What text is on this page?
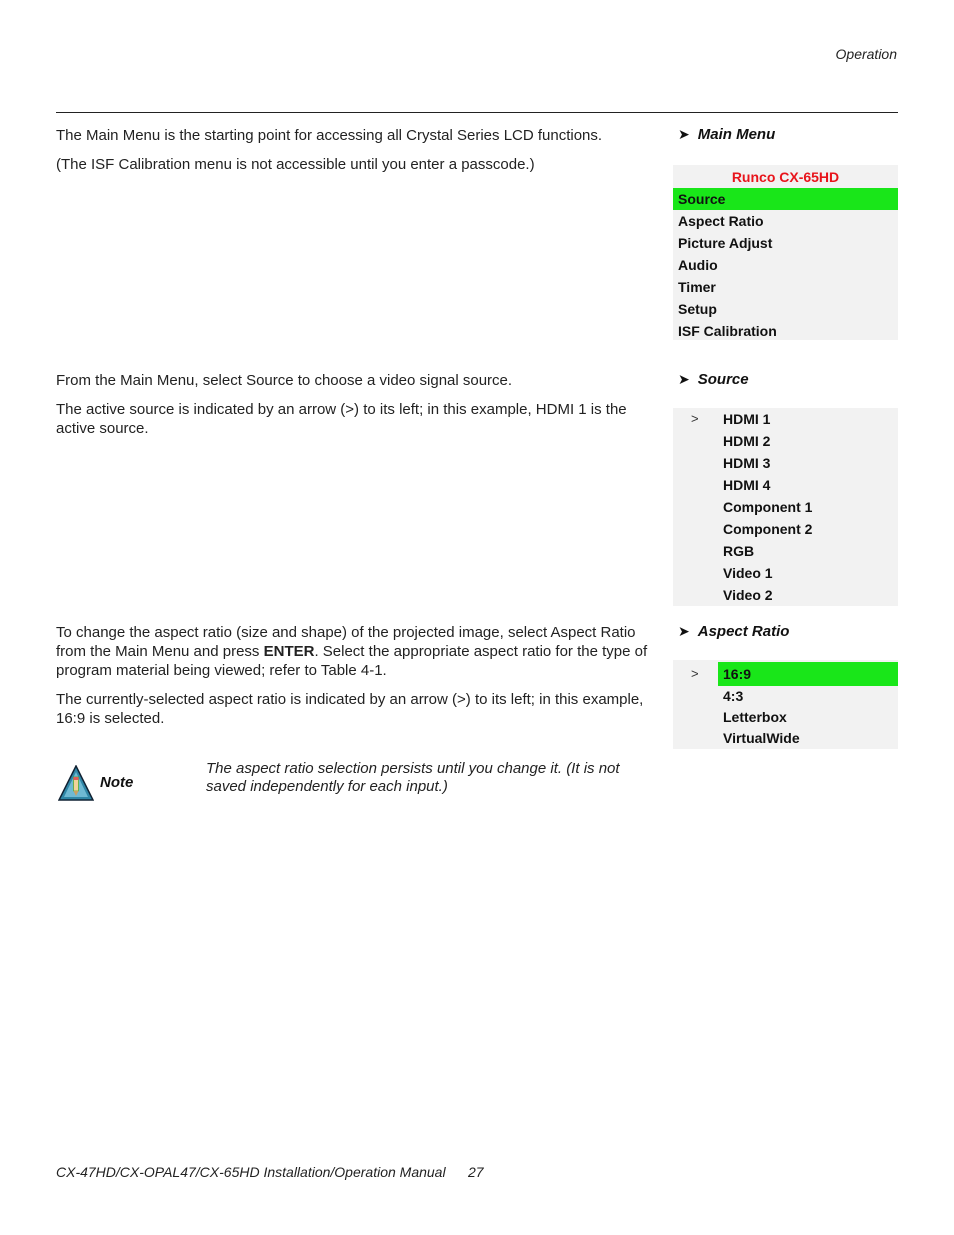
Operation

The Main Menu is the starting point for accessing all Crystal Series LCD functions.

(The ISF Calibration menu is not accessible until you enter a passcode.)

➤ Main Menu
Runco CX-65HD
Source
Aspect Ratio
Picture Adjust
Audio
Timer
Setup
ISF Calibration

From the Main Menu, select Source to choose a video signal source.

The active source is indicated by an arrow (>) to its left; in this example, HDMI 1 is the active source.

➤ Source
>	HDMI 1
HDMI 2
HDMI 3
HDMI 4
Component 1
Component 2
RGB
Video 1
Video 2

To change the aspect ratio (size and shape) of the projected image, select Aspect Ratio from the Main Menu and press ENTER. Select the appropriate aspect ratio for the type of program material being viewed; refer to Table 4-1.

The currently-selected aspect ratio is indicated by an arrow (>) to its left; in this example, 16:9 is selected.

➤ Aspect Ratio
>	16:9
4:3
Letterbox
VirtualWide
Note

The aspect ratio selection persists until you change it. (It is not saved independently for each input.)

CX-47HD/CX-OPAL47/CX-65HD Installation/Operation Manual 27
